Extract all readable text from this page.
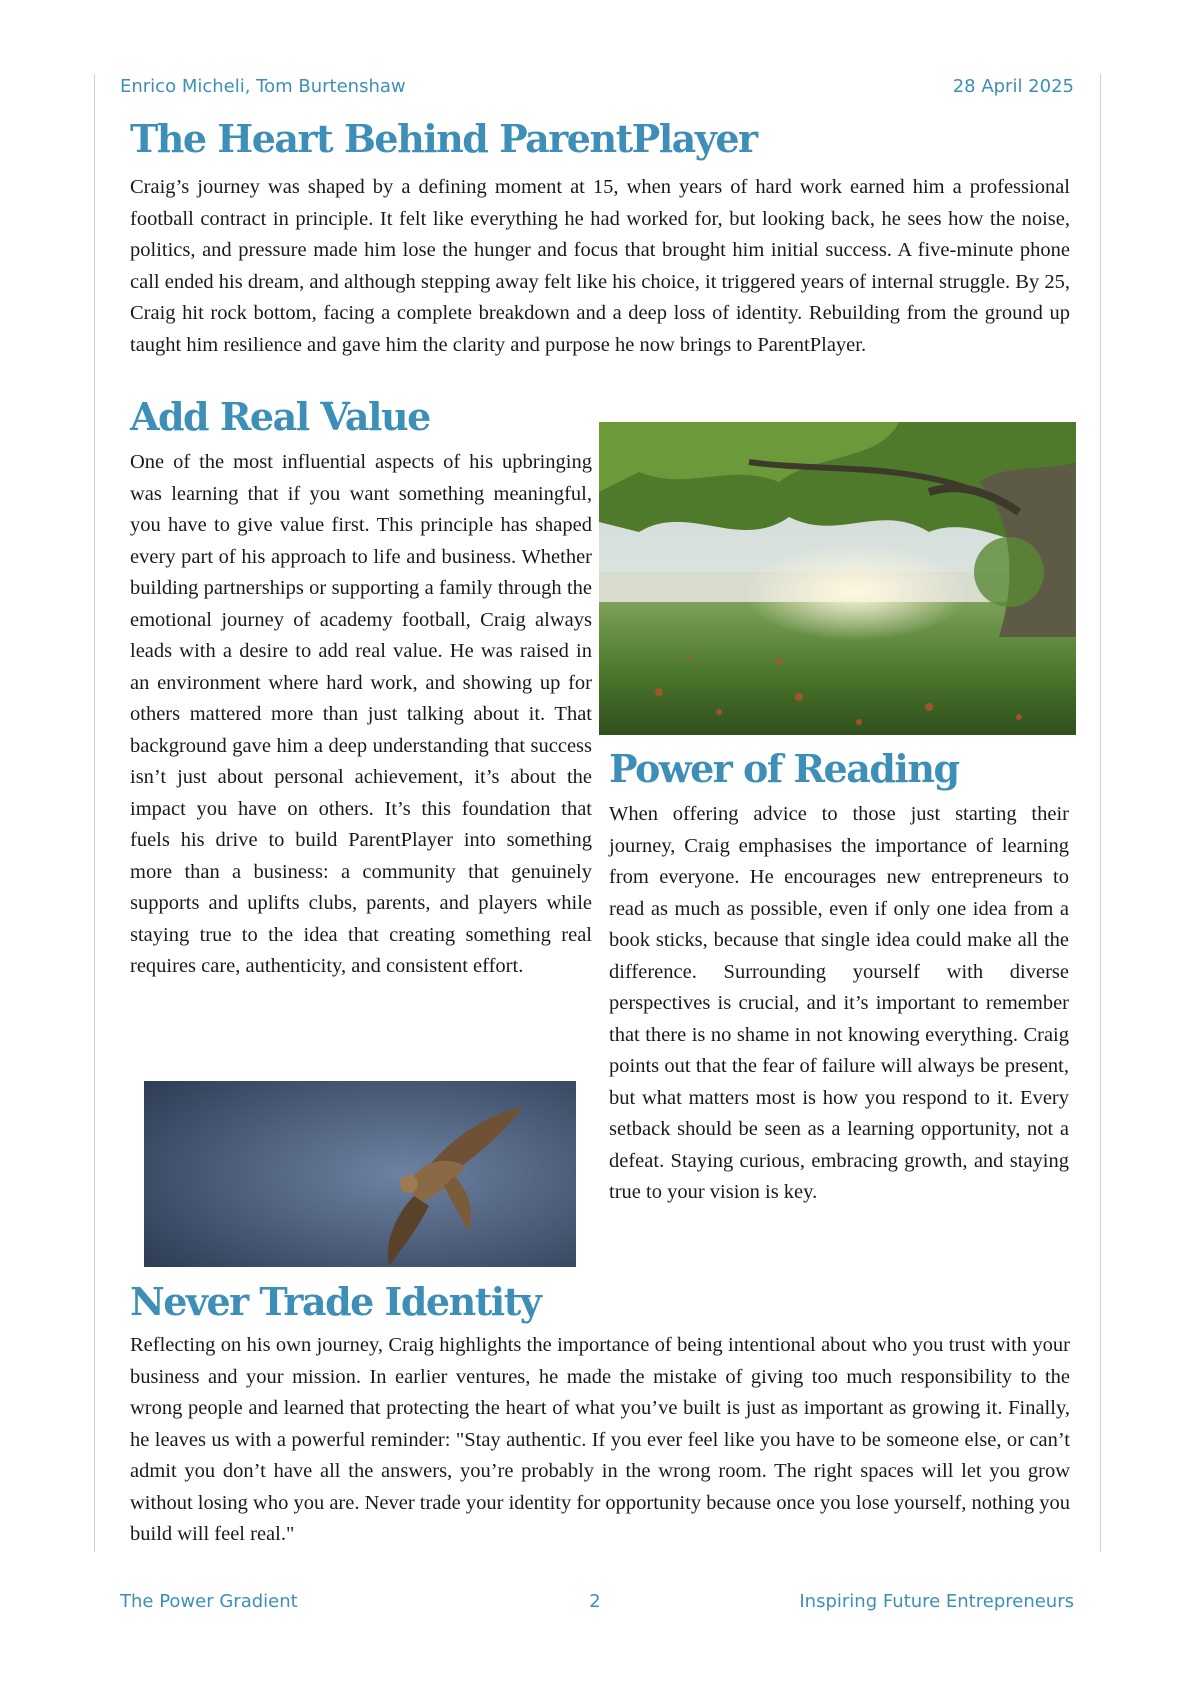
Enrico Micheli, Tom Burtenshaw	28 April 2025
The Heart Behind ParentPlayer

Craig’s journey was shaped by a defining moment at 15, when years of hard work earned him a professional football contract in principle. It felt like everything he had worked for, but looking back, he sees how the noise, politics, and pressure made him lose the hunger and focus that brought him initial success. A five-minute phone call ended his dream, and although stepping away felt like his choice, it triggered years of internal struggle. By 25, Craig hit rock bottom, facing a complete breakdown and a deep loss of identity. Rebuilding from the ground up taught him resilience and gave him the clarity and purpose he now brings to ParentPlayer.

Add Real Value

One of the most influential aspects of his upbringing was learning that if you want something meaningful, you have to give value first. This principle has shaped every part of his approach to life and business. Whether building partnerships or supporting a family through the emotional journey of academy football, Craig always leads with a desire to add real value. He was raised in an environment where hard work, and showing up for others mattered more than just talking about it. That background gave him a deep understanding that success isn’t just about personal achievement, it’s about the impact you have on others. It’s this foundation that fuels his drive to build ParentPlayer into something more than a business: a community that genuinely supports and uplifts clubs, parents, and players while staying true to the idea that creating something real requires care, authenticity, and consistent effort.

Power of Reading

When offering advice to those just starting their journey, Craig emphasises the importance of learning from everyone. He encourages new entrepreneurs to read as much as possible, even if only one idea from a book sticks, because that single idea could make all the difference. Surrounding yourself with diverse perspectives is crucial, and it’s important to remember that there is no shame in not knowing everything. Craig points out that the fear of failure will always be present, but what matters most is how you respond to it. Every setback should be seen as a learning opportunity, not a defeat. Staying curious, embracing growth, and staying true to your vision is key.

Never Trade Identity

Reflecting on his own journey, Craig highlights the importance of being intentional about who you trust with your business and your mission. In earlier ventures, he made the mistake of giving too much responsibility to the wrong people and learned that protecting the heart of what you’ve built is just as important as growing it. Finally, he leaves us with a powerful reminder: "Stay authentic. If you ever feel like you have to be someone else, or can’t admit you don’t have all the answers, you’re probably in the wrong room. The right spaces will let you grow without losing who you are. Never trade your identity for opportunity because once you lose yourself, nothing you build will feel real."

The Power Gradient	2	Inspiring Future Entrepreneurs
